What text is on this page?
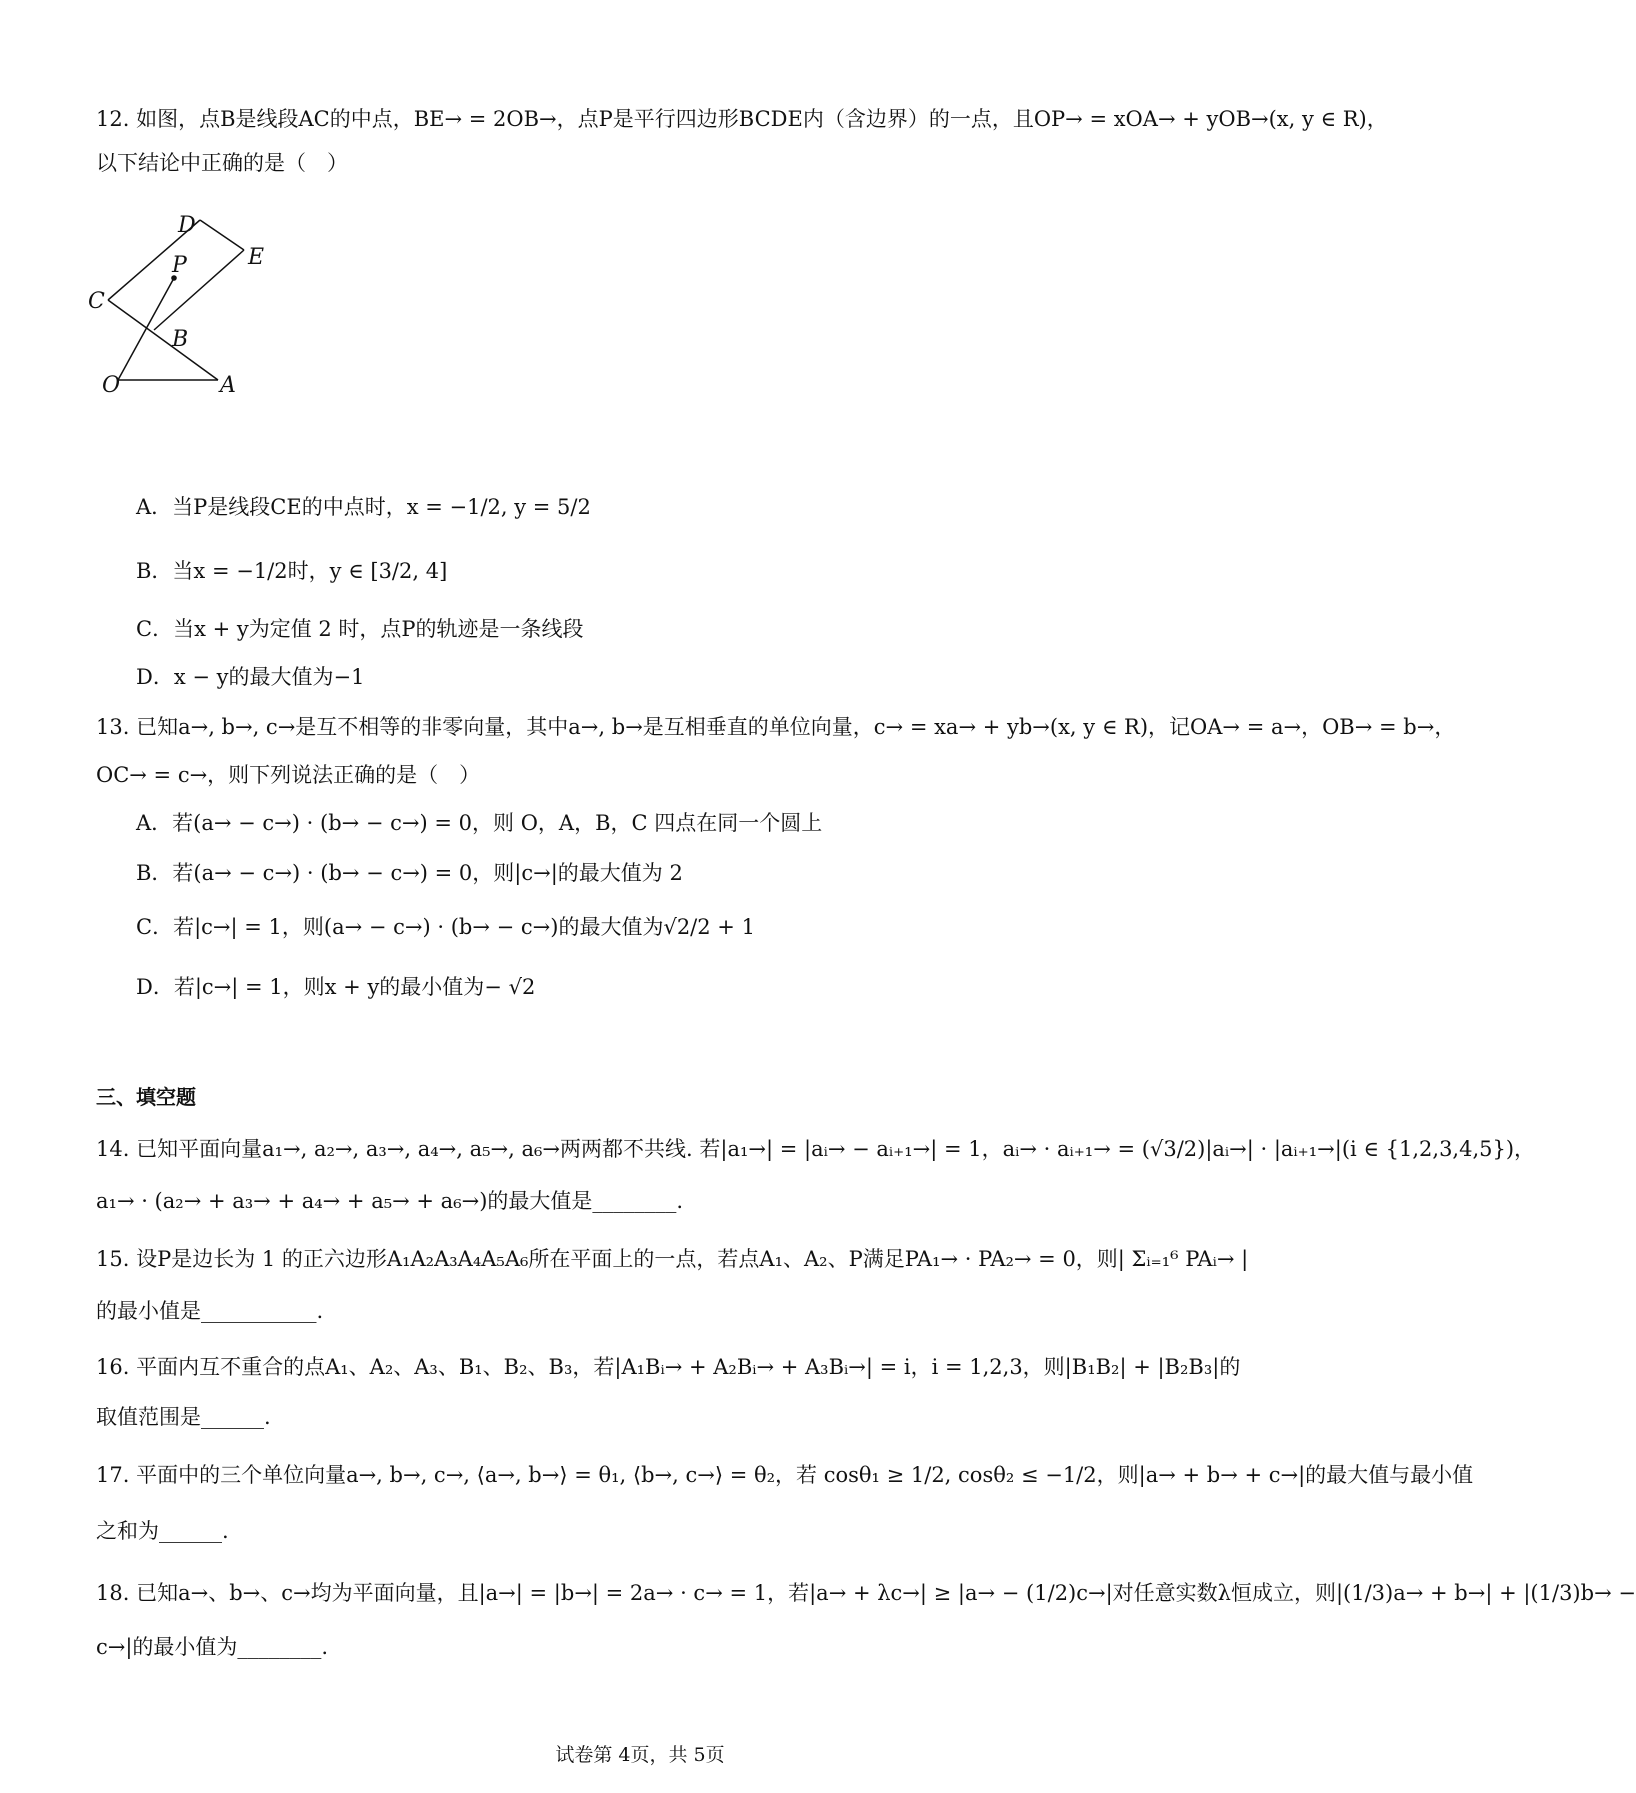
12. 如图，点B是线段AC的中点，BE→ = 2OB→，点P是平行四边形BCDE内（含边界）的一点，且OP→ = xOA→ + yOB→(x, y ∈ R)，
以下结论中正确的是（　）
D
E
P
C
B
O	A
A．当P是线段CE的中点时，x = −1/2, y = 5/2
B．当x = −1/2时，y ∈ [3/2, 4]
C．当x + y为定值 2 时，点P的轨迹是一条线段
D．x − y的最大值为−1
13. 已知a→, b→, c→是互不相等的非零向量，其中a→, b→是互相垂直的单位向量，c→ = xa→ + yb→(x, y ∈ R)，记OA→ = a→，OB→ = b→，
OC→ = c→，则下列说法正确的是（　）
A．若(a→ − c→) · (b→ − c→) = 0，则 O，A，B，C 四点在同一个圆上
B．若(a→ − c→) · (b→ − c→) = 0，则|c→|的最大值为 2
C．若|c→| = 1，则(a→ − c→) · (b→ − c→)的最大值为√2/2 + 1
D．若|c→| = 1，则x + y的最小值为− √2
三、填空题
14. 已知平面向量a₁→, a₂→, a₃→, a₄→, a₅→, a₆→两两都不共线. 若|a₁→| = |aᵢ→ − aᵢ₊₁→| = 1，aᵢ→ · aᵢ₊₁→ = (√3/2)|aᵢ→| · |aᵢ₊₁→|(i ∈ {1,2,3,4,5})，
a₁→ · (a₂→ + a₃→ + a₄→ + a₅→ + a₆→)的最大值是________.
15. 设P是边长为 1 的正六边形A₁A₂A₃A₄A₅A₆所在平面上的一点，若点A₁、A₂、P满足PA₁→ · PA₂→ = 0，则| Σᵢ₌₁⁶ PAᵢ→ |
的最小值是___________.
16. 平面内互不重合的点A₁、A₂、A₃、B₁、B₂、B₃，若|A₁Bᵢ→ + A₂Bᵢ→ + A₃Bᵢ→| = i，i = 1,2,3，则|B₁B₂| + |B₂B₃|的
取值范围是______.
17. 平面中的三个单位向量a→, b→, c→, ⟨a→, b→⟩ = θ₁, ⟨b→, c→⟩ = θ₂，若 cosθ₁ ≥ 1/2, cosθ₂ ≤ −1/2，则|a→ + b→ + c→|的最大值与最小值
之和为______.
18. 已知a→、b→、c→均为平面向量，且|a→| = |b→| = 2a→ · c→ = 1，若|a→ + λc→| ≥ |a→ − (1/2)c→|对任意实数λ恒成立，则|(1/3)a→ + b→| + |(1/3)b→ −
c→|的最小值为________.
试卷第 4页，共 5页
